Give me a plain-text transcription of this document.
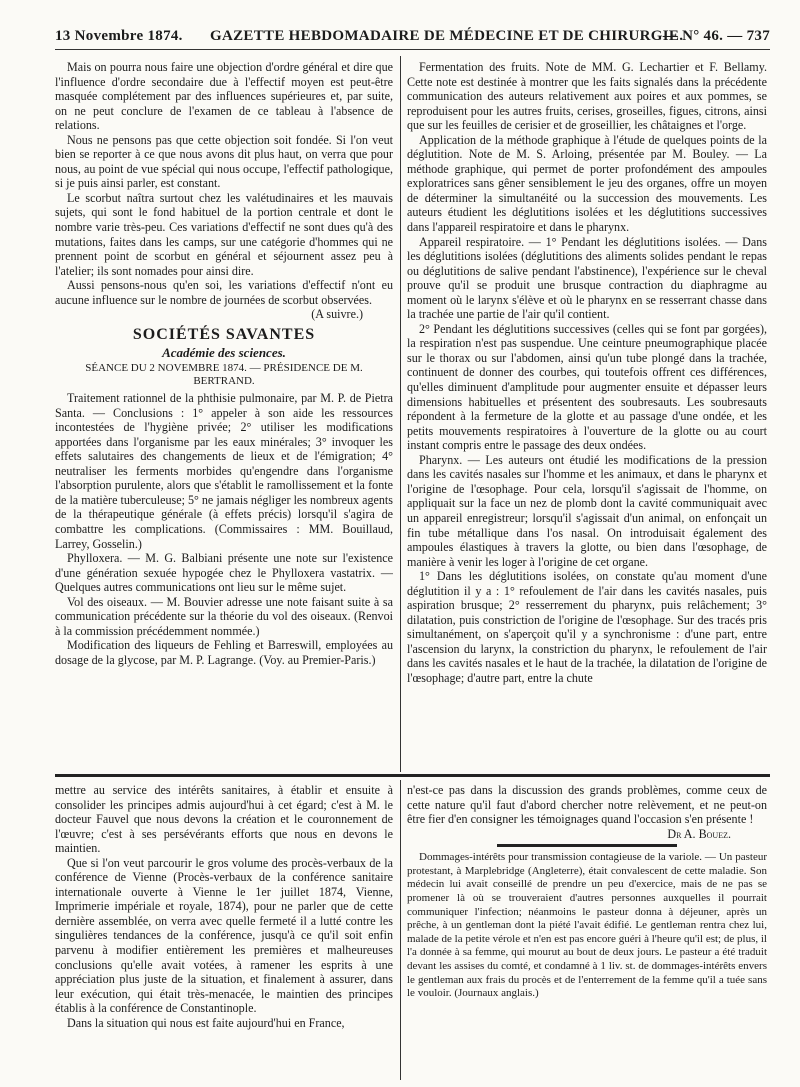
13 Novembre 1874. GAZETTE HEBDOMADAIRE DE MÉDECINE ET DE CHIRURGIE.
— N° 46. — 737

Mais on pourra nous faire une objection d'ordre général et dire que l'influence d'ordre secondaire due à l'effectif moyen est peut-être masquée complétement par des influences supérieures et, par suite, on ne peut conclure de l'examen de ce tableau à l'absence de relations.

Nous ne pensons pas que cette objection soit fondée. Si l'on veut bien se reporter à ce que nous avons dit plus haut, on verra que pour nous, au point de vue spécial qui nous occupe, l'effectif pathologique, si je puis ainsi parler, est constant.

Le scorbut naîtra surtout chez les valétudinaires et les mauvais sujets, qui sont le fond habituel de la portion centrale et dont le nombre varie très-peu. Ces variations d'effectif ne sont dues qu'à des mutations, faites dans les camps, sur une catégorie d'hommes qui ne prennent point de scorbut en général et séjournent assez peu à l'atelier; ils sont nomades pour ainsi dire.

Aussi pensons-nous qu'en soi, les variations d'effectif n'ont eu aucune influence sur le nombre de journées de scorbut observées.

(A suivre.)

SOCIÉTÉS SAVANTES
Académie des sciences.

SÉANCE DU 2 NOVEMBRE 1874. — PRÉSIDENCE DE M. BERTRAND.

Traitement rationnel de la phthisie pulmonaire, par M. P. de Pietra Santa. — Conclusions : 1° appeler à son aide les ressources incontestées de l'hygiène privée; 2° utiliser les modifications apportées dans l'organisme par les eaux minérales; 3° invoquer les effets salutaires des changements de lieux et de l'émigration; 4° neutraliser les ferments morbides qu'engendre dans l'organisme l'absorption purulente, alors que s'établit le ramollissement et la fonte de la matière tuberculeuse; 5° ne jamais négliger les nombreux agents de la thérapeutique générale (à effets précis) lorsqu'il s'agira de combattre les complications. (Commissaires : MM. Bouillaud, Larrey, Gosselin.)

Phylloxera. — M. G. Balbiani présente une note sur l'existence d'une génération sexuée hypogée chez le Phylloxera vastatrix. — Quelques autres communications ont lieu sur le même sujet.

Vol des oiseaux. — M. Bouvier adresse une note faisant suite à sa communication précédente sur la théorie du vol des oiseaux. (Renvoi à la commission précédemment nommée.)

Modification des liqueurs de Fehling et Barreswill, employées au dosage de la glycose, par M. P. Lagrange. (Voy. au Premier-Paris.)

Fermentation des fruits. Note de MM. G. Lechartier et F. Bellamy. Cette note est destinée à montrer que les faits signalés dans la précédente communication des auteurs relativement aux poires et aux pommes, se reproduisent pour les autres fruits, cerises, groseilles, figues, citrons, ainsi que sur les feuilles de cerisier et de groseillier, les châtaignes et l'orge.

Application de la méthode graphique à l'étude de quelques points de la déglutition. Note de M. S. Arloing, présentée par M. Bouley. — La méthode graphique, qui permet de porter profondément des ampoules exploratrices sans gêner sensiblement le jeu des organes, offre un moyen de déterminer la simultanéité ou la succession des mouvements. Les auteurs étudient les déglutitions isolées et les déglutitions successives dans l'appareil respiratoire et dans le pharynx.

Appareil respiratoire. — 1° Pendant les déglutitions isolées. — Dans les déglutitions isolées (déglutitions des aliments solides pendant le repas ou déglutitions de salive pendant l'abstinence), l'expérience sur le cheval prouve qu'il se produit une brusque contraction du diaphragme au moment où le larynx s'élève et où le pharynx en se resserrant chasse dans la trachée une partie de l'air qu'il contient.

2° Pendant les déglutitions successives (celles qui se font par gorgées), la respiration n'est pas suspendue. Une ceinture pneumographique placée sur le thorax ou sur l'abdomen, ainsi qu'un tube plongé dans la trachée, continuent de donner des courbes, qui toutefois offrent ces différences, qu'elles diminuent d'amplitude pour augmenter ensuite et dépasser leurs dimensions habituelles et présentent des soubresauts. Les soubresauts répondent à la fermeture de la glotte et au passage d'une ondée, et les petits mouvements respiratoires à l'ouverture de la glotte ou au court instant compris entre le passage des deux ondées.

Pharynx. — Les auteurs ont étudié les modifications de la pression dans les cavités nasales sur l'homme et les animaux, et dans le pharynx et l'origine de l'œsophage. Pour cela, lorsqu'il s'agissait de l'homme, on appliquait sur la face un nez de plomb dont la cavité communiquait avec un appareil enregistreur; lorsqu'il s'agissait d'un animal, on enfonçait un fin tube métallique dans l'os nasal. On introduisait également des ampoules élastiques à travers la glotte, ou bien dans l'œsophage, de manière à venir les loger à l'origine de cet organe.

1° Dans les déglutitions isolées, on constate qu'au moment d'une déglutition il y a : 1° refoulement de l'air dans les cavités nasales, puis aspiration brusque; 2° resserrement du pharynx, puis relâchement; 3° dilatation, puis constriction de l'origine de l'œsophage. Sur des tracés pris simultanément, on s'aperçoit qu'il y a synchronisme : d'une part, entre l'ascension du larynx, la constriction du pharynx, le refoulement de l'air dans les cavités nasales et le haut de la trachée, la dilatation de l'origine de l'œsophage; d'autre part, entre la chute

mettre au service des intérêts sanitaires, à établir et ensuite à consolider les principes admis aujourd'hui à cet égard; c'est à M. le docteur Fauvel que nous devons la création et le couronnement de l'œuvre; c'est à ses persévérants efforts que nous en devons le maintien.

Que si l'on veut parcourir le gros volume des procès-verbaux de la conférence de Vienne (Procès-verbaux de la conférence sanitaire internationale ouverte à Vienne le 1er juillet 1874, Vienne, Imprimerie impériale et royale, 1874), pour ne parler que de cette dernière assemblée, on verra avec quelle fermeté il a lutté contre les singulières tendances de la conférence, jusqu'à ce qu'il soit enfin parvenu à modifier entièrement les premières et malheureuses conclusions qu'elle avait votées, à ramener les esprits à une appréciation plus juste de la situation, et finalement à assurer, dans leur exécution, qui était très-menacée, le maintien des principes établis à la conférence de Constantinople.

Dans la situation qui nous est faite aujourd'hui en France,

n'est-ce pas dans la discussion des grands problèmes, comme ceux de cette nature qu'il faut d'abord chercher notre relèvement, et ne peut-on être fier d'en consigner les témoignages quand l'occasion s'en présente !

Dr A. Bouez.

Dommages-intérêts pour transmission contagieuse de la variole. — Un pasteur protestant, à Marplebridge (Angleterre), était convalescent de cette maladie. Son médecin lui avait conseillé de prendre un peu d'exercice, mais de ne pas se promener là où se trouveraient d'autres personnes auxquelles il pourrait communiquer l'infection; néanmoins le pasteur donna à déjeuner, après un prêche, à un gentleman dont la piété l'avait édifié. Le gentleman rentra chez lui, malade de la petite vérole et n'en est pas encore guéri à l'heure qu'il est; de plus, il l'a donnée à sa femme, qui mourut au bout de deux jours. Le pasteur a été traduit devant les assises du comté, et condamné à 1 liv. st. de dommages-intérêts envers le gentleman aux frais du procès et de l'enterrement de la femme qu'il a tuée sans le vouloir. (Journaux anglais.)
